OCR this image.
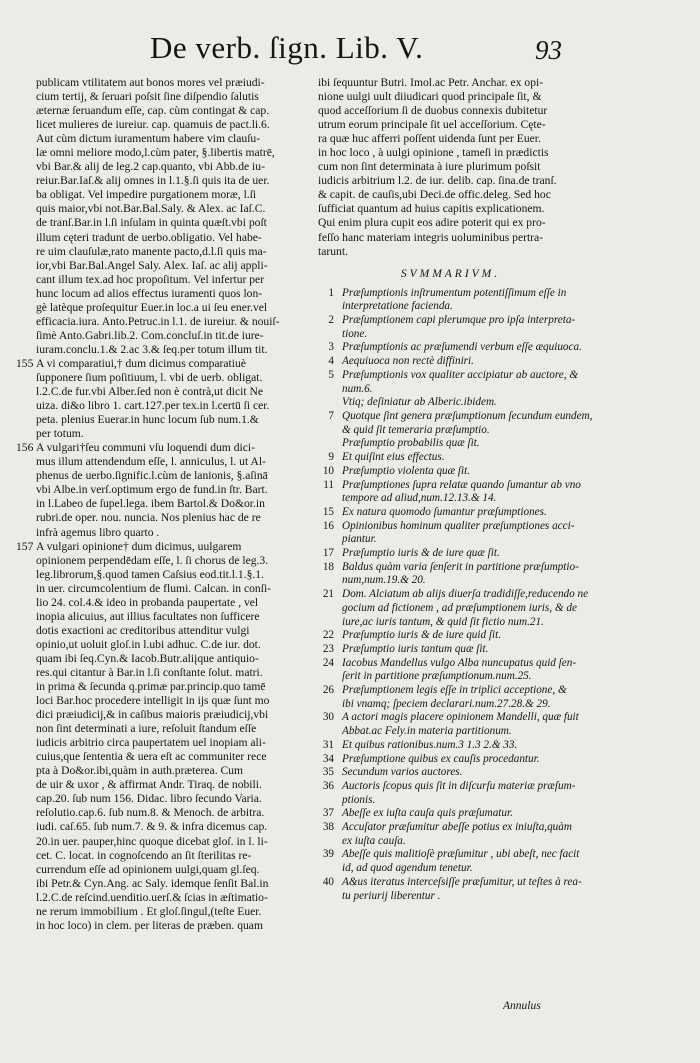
De verb. ſign. Lib. V.	93
publicam vtilitatem aut bonos mores vel præiudi-
cium tertij, & ſeruari poſsit ſine diſpendio ſalutis
æternæ ſeruandum eſſe, cap. cùm contingat & cap.
licet mulieres de iureiur. cap. quamuis de pact.li.6.
Aut cùm dictum iuramentum habere vim clauſu-
læ omni meliore modo,l.cùm pater, §.libertis matrē,
vbi Bar.& alij de leg.2 cap.quanto, vbi Abb.de iu-
reiur.Bar.Iaſ.& alij omnes in l.1.§.ſi quis ita de uer.
ba obligat. Vel impedire purgationem moræ, l.ſi
quis maior,vbi not.Bar.Bal.Saly. & Alex. ac Iaſ.C.
de tranſ.Bar.in l.ſi inſulam in quinta quæſt.vbi poſt
illum cęteri tradunt de uerbo.obligatio. Vel habe-
re uim clauſulæ,rato manente pacto,d.l.ſi quis ma-
ior,vbi Bar.Bal.Angel Saly. Alex. Iaſ. ac alij appli-
cant illum tex.ad hoc propoſitum. Vel infertur per
hunc locum ad alios effectus iuramenti quos lon-
gè latèque proſequitur Euer.in loc.a ui ſeu ener.vel
efficacia.iura. Anto.Petruc.in l.1. de iureiur. & nouiſ-
ſimè Anto.Gabri.lib.2. Com.concluſ.in tit.de iure-
iuram.conclu.1.& 2.ac 3.& ſeq.per totum illum tit.
155 A vi comparatiui,† dum dicimus comparatiuè
ſupponere ſium poſitiuum, l. vbi de uerb. obligat.
l.2.C.de fur.vbi Alber.ſed non è contrà,ut dicit Ne
uiza. di&o libro 1. cart.127.per tex.in l.certū ſi cer.
peta. plenius Euerar.in hunc locum ſub num.1.&
per totum.
156 A vulgari†ſeu communi vſu loquendi dum dici-
mus illum attendendum eſſe, l. anniculus, l. ut Al-
phenus de uerbo.ſignific.l.cùm de lanionis, §.aſinā
vbi Albe.in verſ.optimum ergo de fund.in ſtr. Bart.
in l.Labeo de ſupel.lega. ibem Bartol.& Do&or.in
rubri.de oper. nou. nuncia. Nos plenius hac de re
infrà agemus libro quarto .
157 A vulgari opinione† dum dicimus, uulgarem
opinionem perpendēdam eſſe, l. ſi chorus de leg.3.
leg.librorum,§.quod tamen Caſsius eod.tit.l.1.§.1.
in uer. circumcolentium de flumi. Calcan. in conſi-
lio 24. col.4.& ideo in probanda paupertate , vel
inopia alicuius, aut illius facultates non ſufficere
dotis exactioni ac creditoribus attenditur vulgi
opinio,ut uoluit gloſ.in l.ubi adhuc. C.de iur. dot.
quam ibi ſeq.Cyn.& Iacob.Butr.aliįque antiquio-
res.qui citantur à Bar.in l.ſi conſtante ſolut. matri.
in prima & ſecunda q.primæ par.princip.quo tamē
loci Bar.hoc procedere intelligit in ijs quæ ſunt mo
dici præiudicij,& in caſibus maioris præiudicij,vbi
non ſint determinati a iure, reſoluit ſtandum eſſe
iudicis arbitrio circa paupertatem uel inopiam ali-
cuius,que ſententia & uera eſt ac communiter rece
pta à Do&or.ibi,quàm in auth.præterea. Cum
de uir & uxor , & affirmat Andr. Tiraq. de nobili.
cap.20. ſub num 156. Didac. libro ſecundo Varia.
reſolutio.cap.6. ſub num.8. & Menoch. de arbitra.
iudi. caſ.65. ſub num.7. & 9. & infra dicemus cap.
20.in uer. pauper,hinc quoque dicebat gloſ. in l. li-
cet. C. locat. in cognoſcendo an ſit ſterilitas re-
currendum eſſe ad opinionem uulgi,quam gl.ſeq.
ibi Petr.& Cyn.Ang. ac Saly. idemque ſenſit Bal.in
l.2.C.de reſcind.uenditio.uerſ.& ſcias in æſtimatio-
ne rerum immobilium . Et gloſ.ſingul,(teſte Euer.
in hoc loco) in clem. per literas de præben. quam
ibi ſequuntur Butri. Imol.ac Petr. Anchar. ex opi-
nione uulgi uult diiudicari quod principale ſit, &
quod acceſſorium ſi de duobus connexis dubitetur
utrum eorum principale ſit uel acceſſorium. Cęte-
ra quæ huc afferri poſſent uidenda ſunt per Euer.
in hoc loco , à uulgi opinione , tameſi in prædictis
cum non ſint determinata à iure plurimum poſsit
iudicis arbitrium l.2. de iur. delib. cap. ſina.de tranſ.
& capit. de cauſis,ubi Deci.de offic.deleg. Sed hoc
ſufficiat quantum ad huius capitis explicationem.
Qui enim plura cupit eos adire poterit qui ex pro-
feſſo hanc materiam integris uoluminibus pertra-
tarunt.
SVMMARIVM.
1 Præſumptionis inſtrumentum potentiſſimum eſſe in
interpretatione facienda.
2 Præſumptionem capi plerumque pro ipſa interpreta-
tione.
3 Præſumptionis ac præſumendi verbum eſſe æquiuoca.
4 Aequiuoca non rectè diffiniri.
5 Præſumptionis vox qualiter accipiatur ab auctore, &
num.6.
Vtiq; deſiniatur ab Alberic.ibidem.
7 Quotque ſint genera præſumptionum ſecundum eundem,
& quid ſit temeraria præſumptio.
Præſumptio probabilis quæ ſit.
9 Et quiſint eius effectus.
10 Præſumptio violenta quæ ſit.
11 Præſumptiones ſupra relatæ quando ſumantur ab vno
tempore ad aliud,num.12.13.& 14.
15 Ex natura quomodo ſumantur præſumptiones.
16 Opinionibus hominum qualiter præſumptiones acci-
piantur.
17 Præſumptio iuris & de iure quæ ſit.
18 Baldus quàm varia ſenſerit in partitione præſumptio-
num,num.19.& 20.
21 Dom. Alciatum ab alijs diuerſa tradidiſſe,reducendo ne
gocium ad fictionem , ad præſumptionem iuris, & de
iure,ac iuris tantum, & quid ſit fictio num.21.
22 Præſumptio iuris & de iure quid ſit.
23 Præſumptio iuris tantum quæ ſit.
24 Iacobus Mandellus vulgo Alba nuncupatus quid ſen-
ſerit in partitione præſumptionum.num.25.
26 Præſumptionem legis eſſe in triplici acceptione, &
ibi vnamq; ſpeciem declarari.num.27.28.& 29.
30 A actori magis placere opinionem Mandelli, quæ fuit
Abbat.ac Fely.in materia partitionum.
31 Et quibus rationibus.num.3 1.3 2.& 33.
34 Præſumptione quibus ex cauſis procedantur.
35 Secundum varios auctores.
36 Auctoris ſcopus quis ſit in diſcurſu materiæ præſum-
ptionis.
37 Abeſſe ex iuſta cauſa quis præſumatur.
38 Accuſator præſumitur abeſſe potius ex iniuſta,quàm
ex iuſta cauſa.
39 Abeſſe quis malitioſè præſumitur , ubi abeſt, nec facit
id, ad quod agendum tenetur.
40 A&us iteratus interceſsiſſe præſumitur, ut teſtes à rea-
tu periurij liberentur .
Annulus
